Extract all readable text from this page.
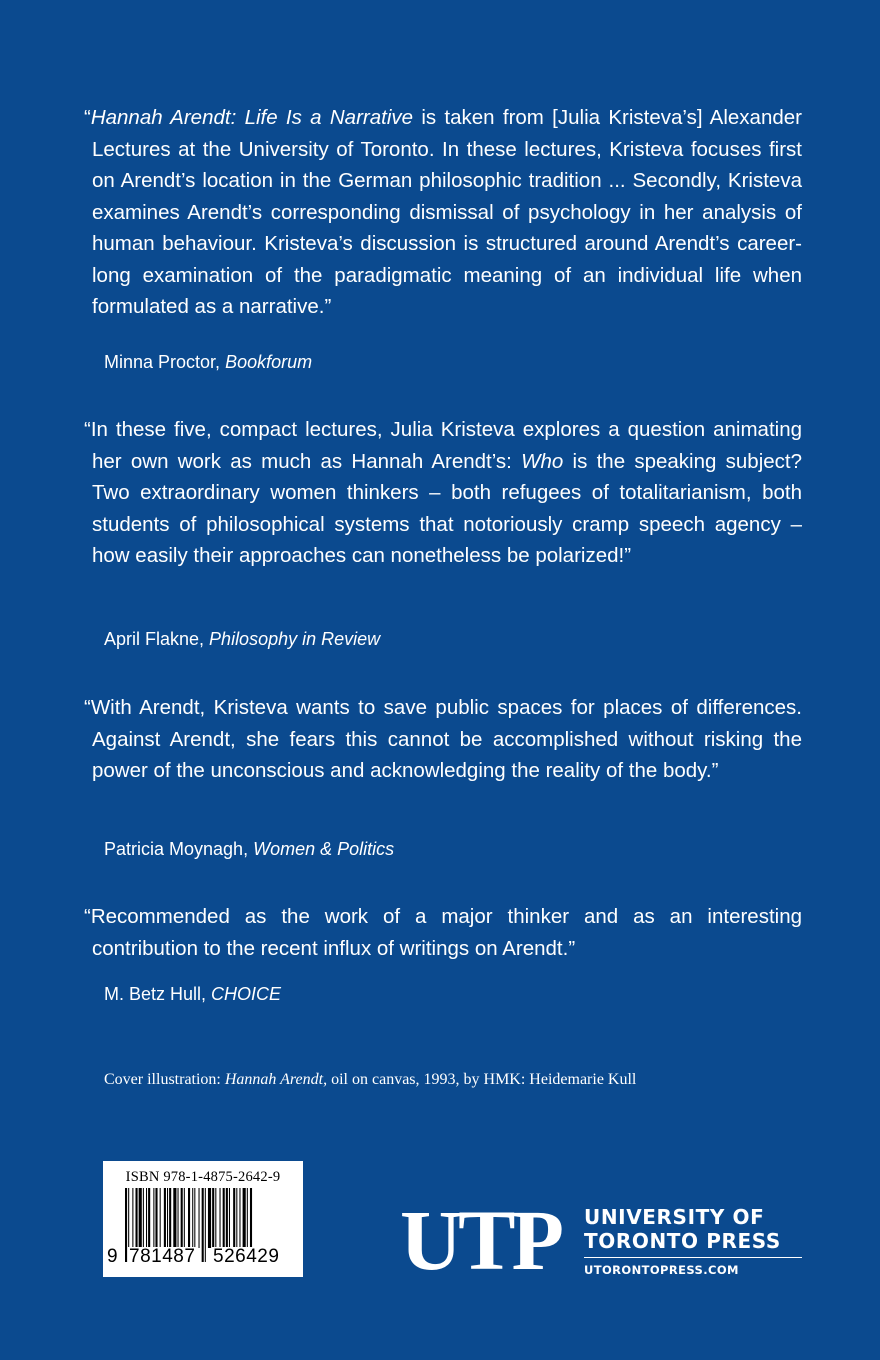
“Hannah Arendt: Life Is a Narrative is taken from [Julia Kristeva’s] Alexander Lectures at the University of Toronto. In these lectures, Kristeva focuses first on Arendt’s location in the German philosophic tradition ... Secondly, Kristeva examines Arendt’s corresponding dismissal of psychology in her analysis of human behaviour. Kristeva’s discussion is structured around Arendt’s career-long examination of the paradigmatic meaning of an individual life when formulated as a narrative.”
Minna Proctor, Bookforum
“In these five, compact lectures, Julia Kristeva explores a question animating her own work as much as Hannah Arendt’s: Who is the speaking subject? Two extraordinary women thinkers – both refugees of totalitarianism, both students of philosophical systems that notoriously cramp speech agency – how easily their approaches can nonetheless be polarized!”
April Flakne, Philosophy in Review
“With Arendt, Kristeva wants to save public spaces for places of differences. Against Arendt, she fears this cannot be accomplished without risking the power of the unconscious and acknowledging the reality of the body.”
Patricia Moynagh, Women & Politics
“Recommended as the work of a major thinker and as an interesting contribution to the recent influx of writings on Arendt.”
M. Betz Hull, CHOICE
Cover illustration: Hannah Arendt, oil on canvas, 1993, by HMK: Heidemarie Kull
ISBN 978-1-4875-2642-9
9 781487 526429 UTP UNIVERSITY OF
TORONTO PRESS
UTORONTOPRESS.COM
